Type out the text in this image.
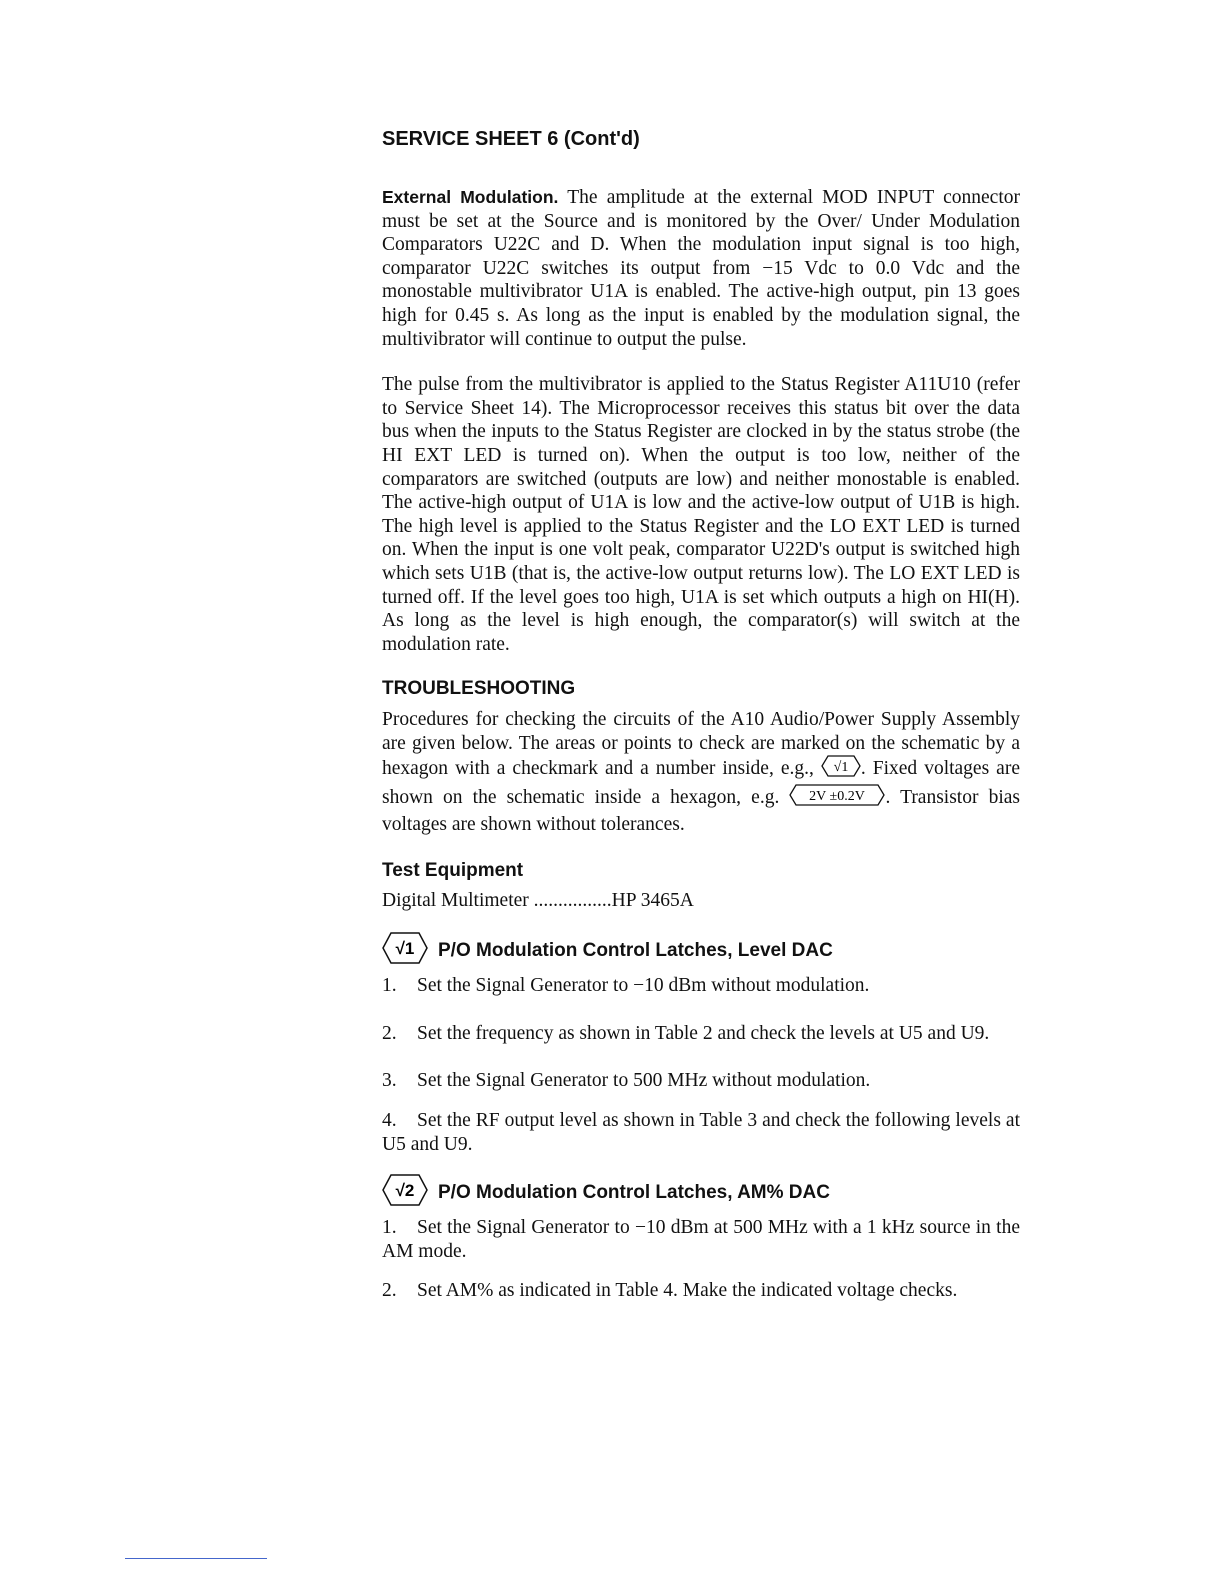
SERVICE SHEET 6 (Cont'd)

External Modulation. The amplitude at the external MOD INPUT connector must be set at the Source and is monitored by the Over/ Under Modulation Comparators U22C and D. When the modulation input signal is too high, comparator U22C switches its output from −15 Vdc to 0.0 Vdc and the monostable multivibrator U1A is enabled. The active-high output, pin 13 goes high for 0.45 s. As long as the input is enabled by the modulation signal, the multivibrator will continue to output the pulse.

The pulse from the multivibrator is applied to the Status Register A11U10 (refer to Service Sheet 14). The Microprocessor receives this status bit over the data bus when the inputs to the Status Register are clocked in by the status strobe (the HI EXT LED is turned on). When the output is too low, neither of the comparators are switched (outputs are low) and neither monostable is enabled. The active-high output of U1A is low and the active-low output of U1B is high. The high level is applied to the Status Register and the LO EXT LED is turned on. When the input is one volt peak, comparator U22D's output is switched high which sets U1B (that is, the active-low output returns low). The LO EXT LED is turned off. If the level goes too high, U1A is set which outputs a high on HI(H). As long as the level is high enough, the comparator(s) will switch at the modulation rate.

TROUBLESHOOTING

Procedures for checking the circuits of the A10 Audio/Power Supply Assembly are given below. The areas or points to check are marked on the schematic by a hexagon with a checkmark and a number inside, e.g., √1 . Fixed voltages are shown on the schematic inside a hexagon, e.g. 2V ±0.2V . Transistor bias voltages are shown without tolerances.

Test Equipment

Digital Multimeter ................HP 3465A

√1 P/O Modulation Control Latches, Level DAC

1. Set the Signal Generator to −10 dBm without modulation.

2. Set the frequency as shown in Table 2 and check the levels at U5 and U9.

3. Set the Signal Generator to 500 MHz without modulation.

4. Set the RF output level as shown in Table 3 and check the following levels at U5 and U9.

√2 P/O Modulation Control Latches, AM% DAC

1. Set the Signal Generator to −10 dBm at 500 MHz with a 1 kHz source in the AM mode.

2. Set AM% as indicated in Table 4. Make the indicated voltage checks.
